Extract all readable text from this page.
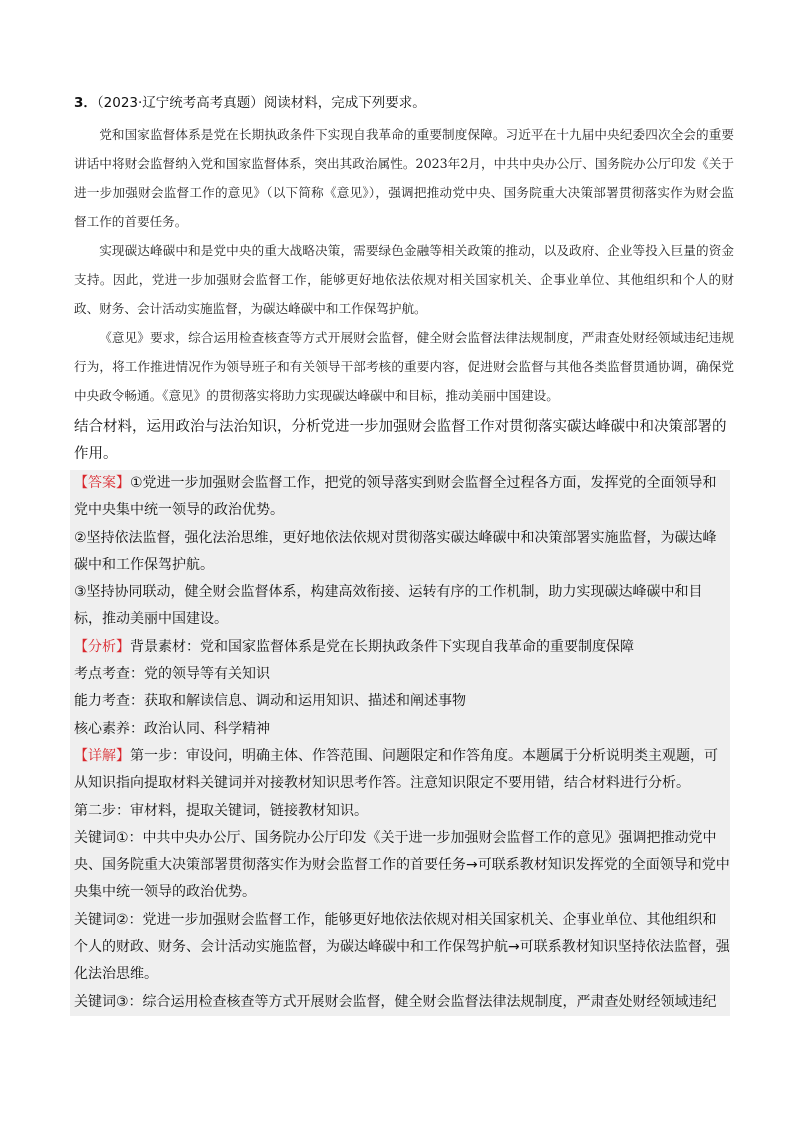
3．（2023·辽宁统考高考真题）阅读材料，完成下列要求。

党和国家监督体系是党在长期执政条件下实现自我革命的重要制度保障。习近平在十九届中央纪委四次全会的重要讲话中将财会监督纳入党和国家监督体系，突出其政治属性。2023年2月，中共中央办公厅、国务院办公厅印发《关于进一步加强财会监督工作的意见》（以下简称《意见》），强调把推动党中央、国务院重大决策部署贯彻落实作为财会监督工作的首要任务。

实现碳达峰碳中和是党中央的重大战略决策，需要绿色金融等相关政策的推动，以及政府、企业等投入巨量的资金支持。因此，党进一步加强财会监督工作，能够更好地依法依规对相关国家机关、企事业单位、其他组织和个人的财政、财务、会计活动实施监督，为碳达峰碳中和工作保驾护航。

《意见》要求，综合运用检查核查等方式开展财会监督，健全财会监督法律法规制度，严肃查处财经领域违纪违规行为，将工作推进情况作为领导班子和有关领导干部考核的重要内容，促进财会监督与其他各类监督贯通协调，确保党中央政令畅通。《意见》的贯彻落实将助力实现碳达峰碳中和目标，推动美丽中国建设。

结合材料，运用政治与法治知识，分析党进一步加强财会监督工作对贯彻落实碳达峰碳中和决策部署的作用。
【答案】①党进一步加强财会监督工作，把党的领导落实到财会监督全过程各方面，发挥党的全面领导和党中央集中统一领导的政治优势。
②坚持依法监督，强化法治思维，更好地依法依规对贯彻落实碳达峰碳中和决策部署实施监督，为碳达峰碳中和工作保驾护航。
③坚持协同联动，健全财会监督体系，构建高效衔接、运转有序的工作机制，助力实现碳达峰碳中和目标，推动美丽中国建设。
【分析】背景素材：党和国家监督体系是党在长期执政条件下实现自我革命的重要制度保障
考点考查：党的领导等有关知识
能力考查：获取和解读信息、调动和运用知识、描述和阐述事物
核心素养：政治认同、科学精神
【详解】第一步：审设问，明确主体、作答范围、问题限定和作答角度。本题属于分析说明类主观题，可从知识指向提取材料关键词并对接教材知识思考作答。注意知识限定不要用错，结合材料进行分析。
第二步：审材料，提取关键词，链接教材知识。
关键词①：中共中央办公厅、国务院办公厅印发《关于进一步加强财会监督工作的意见》强调把推动党中央、国务院重大决策部署贯彻落实作为财会监督工作的首要任务→可联系教材知识发挥党的全面领导和党中央集中统一领导的政治优势。
关键词②：党进一步加强财会监督工作，能够更好地依法依规对相关国家机关、企事业单位、其他组织和个人的财政、财务、会计活动实施监督，为碳达峰碳中和工作保驾护航→可联系教材知识坚持依法监督，强化法治思维。
关键词③：综合运用检查核查等方式开展财会监督，健全财会监督法律法规制度，严肃查处财经领域违纪
